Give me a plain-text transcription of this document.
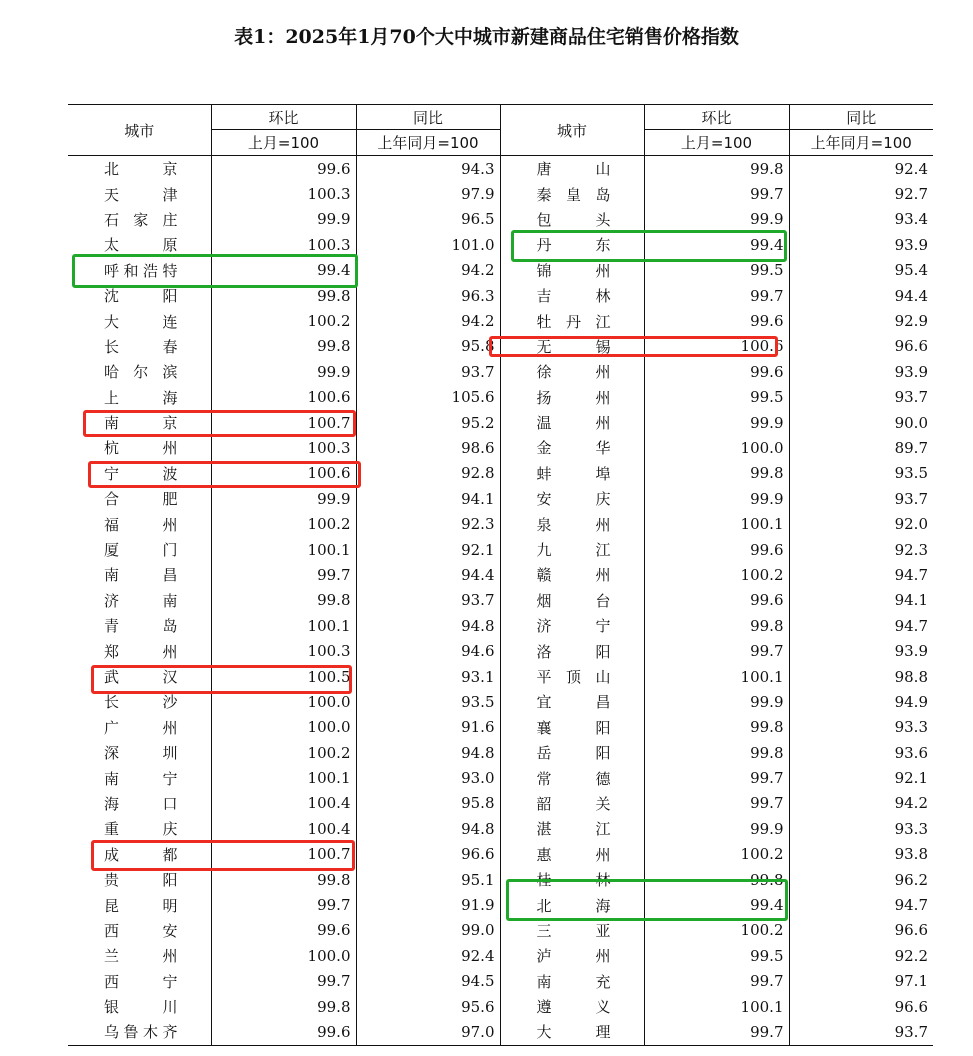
表1：2025年1月70个大中城市新建商品住宅销售价格指数
城市	环比	同比	城市	环比	同比
	上月=100	上年同月=100		上月=100	上年同月=100
北京	99.6	94.3	唐山	99.8	92.4
天津	100.3	97.9	秦皇岛	99.7	92.7
石家庄	99.9	96.5	包头	99.9	93.4
太原	100.3	101.0	丹东	99.4	93.9
呼和浩特	99.4	94.2	锦州	99.5	95.4
沈阳	99.8	96.3	吉林	99.7	94.4
大连	100.2	94.2	牡丹江	99.6	92.9
长春	99.8	95.8	无锡	100.6	96.6
哈尔滨	99.9	93.7	徐州	99.6	93.9
上海	100.6	105.6	扬州	99.5	93.7
南京	100.7	95.2	温州	99.9	90.0
杭州	100.3	98.6	金华	100.0	89.7
宁波	100.6	92.8	蚌埠	99.8	93.5
合肥	99.9	94.1	安庆	99.9	93.7
福州	100.2	92.3	泉州	100.1	92.0
厦门	100.1	92.1	九江	99.6	92.3
南昌	99.7	94.4	赣州	100.2	94.7
济南	99.8	93.7	烟台	99.6	94.1
青岛	100.1	94.8	济宁	99.8	94.7
郑州	100.3	94.6	洛阳	99.7	93.9
武汉	100.5	93.1	平顶山	100.1	98.8
长沙	100.0	93.5	宜昌	99.9	94.9
广州	100.0	91.6	襄阳	99.8	93.3
深圳	100.2	94.8	岳阳	99.8	93.6
南宁	100.1	93.0	常德	99.7	92.1
海口	100.4	95.8	韶关	99.7	94.2
重庆	100.4	94.8	湛江	99.9	93.3
成都	100.7	96.6	惠州	100.2	93.8
贵阳	99.8	95.1	桂林	99.8	96.2
昆明	99.7	91.9	北海	99.4	94.7
西安	99.6	99.0	三亚	100.2	96.6
兰州	100.0	92.4	泸州	99.5	92.2
西宁	99.7	94.5	南充	99.7	97.1
银川	99.8	95.6	遵义	100.1	96.6
乌鲁木齐	99.6	97.0	大理	99.7	93.7
